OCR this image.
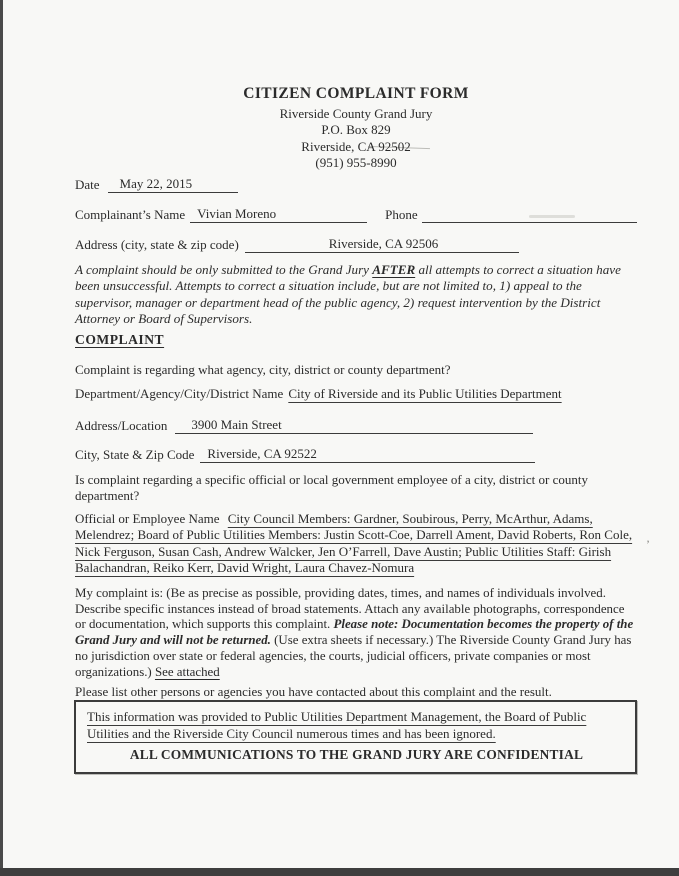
’
CITIZEN COMPLAINT FORM
Riverside County Grand Jury
P.O. Box 829
Riverside, CA 92502
(951) 955-8990
Date	May 22, 2015
Complainant’s Name Vivian Moreno	Phone
Address (city, state & zip code)	Riverside, CA 92506
A complaint should be only submitted to the Grand Jury AFTER all attempts to correct a situation have been unsuccessful. Attempts to correct a situation include, but are not limited to, 1) appeal to the supervisor, manager or department head of the public agency, 2) request intervention by the District Attorney or Board of Supervisors.
COMPLAINT
Complaint is regarding what agency, city, district or county department?
Department/Agency/City/District Name City of Riverside and its Public Utilities Department
Address/Location	3900 Main Street
City, State & Zip Code	Riverside, CA 92522
Is complaint regarding a specific official or local government employee of a city, district or county department?
Official or Employee Name City Council Members: Gardner, Soubirous, Perry, McArthur, Adams, Melendrez; Board of Public Utilities Members: Justin Scott-Coe, Darrell Ament, David Roberts, Ron Cole, Nick Ferguson, Susan Cash, Andrew Walcker, Jen O’Farrell, Dave Austin; Public Utilities Staff: Girish Balachandran, Reiko Kerr, David Wright, Laura Chavez-Nomura
My complaint is: (Be as precise as possible, providing dates, times, and names of individuals involved. Describe specific instances instead of broad statements. Attach any available photographs, correspondence or documentation, which supports this complaint. Please note: Documentation becomes the property of the Grand Jury and will not be returned. (Use extra sheets if necessary.) The Riverside County Grand Jury has no jurisdiction over state or federal agencies, the courts, judicial officers, private companies or most organizations.) See attached
Please list other persons or agencies you have contacted about this complaint and the result.
This information was provided to Public Utilities Department Management, the Board of Public Utilities and the Riverside City Council numerous times and has been ignored.
ALL COMMUNICATIONS TO THE GRAND JURY ARE CONFIDENTIAL
